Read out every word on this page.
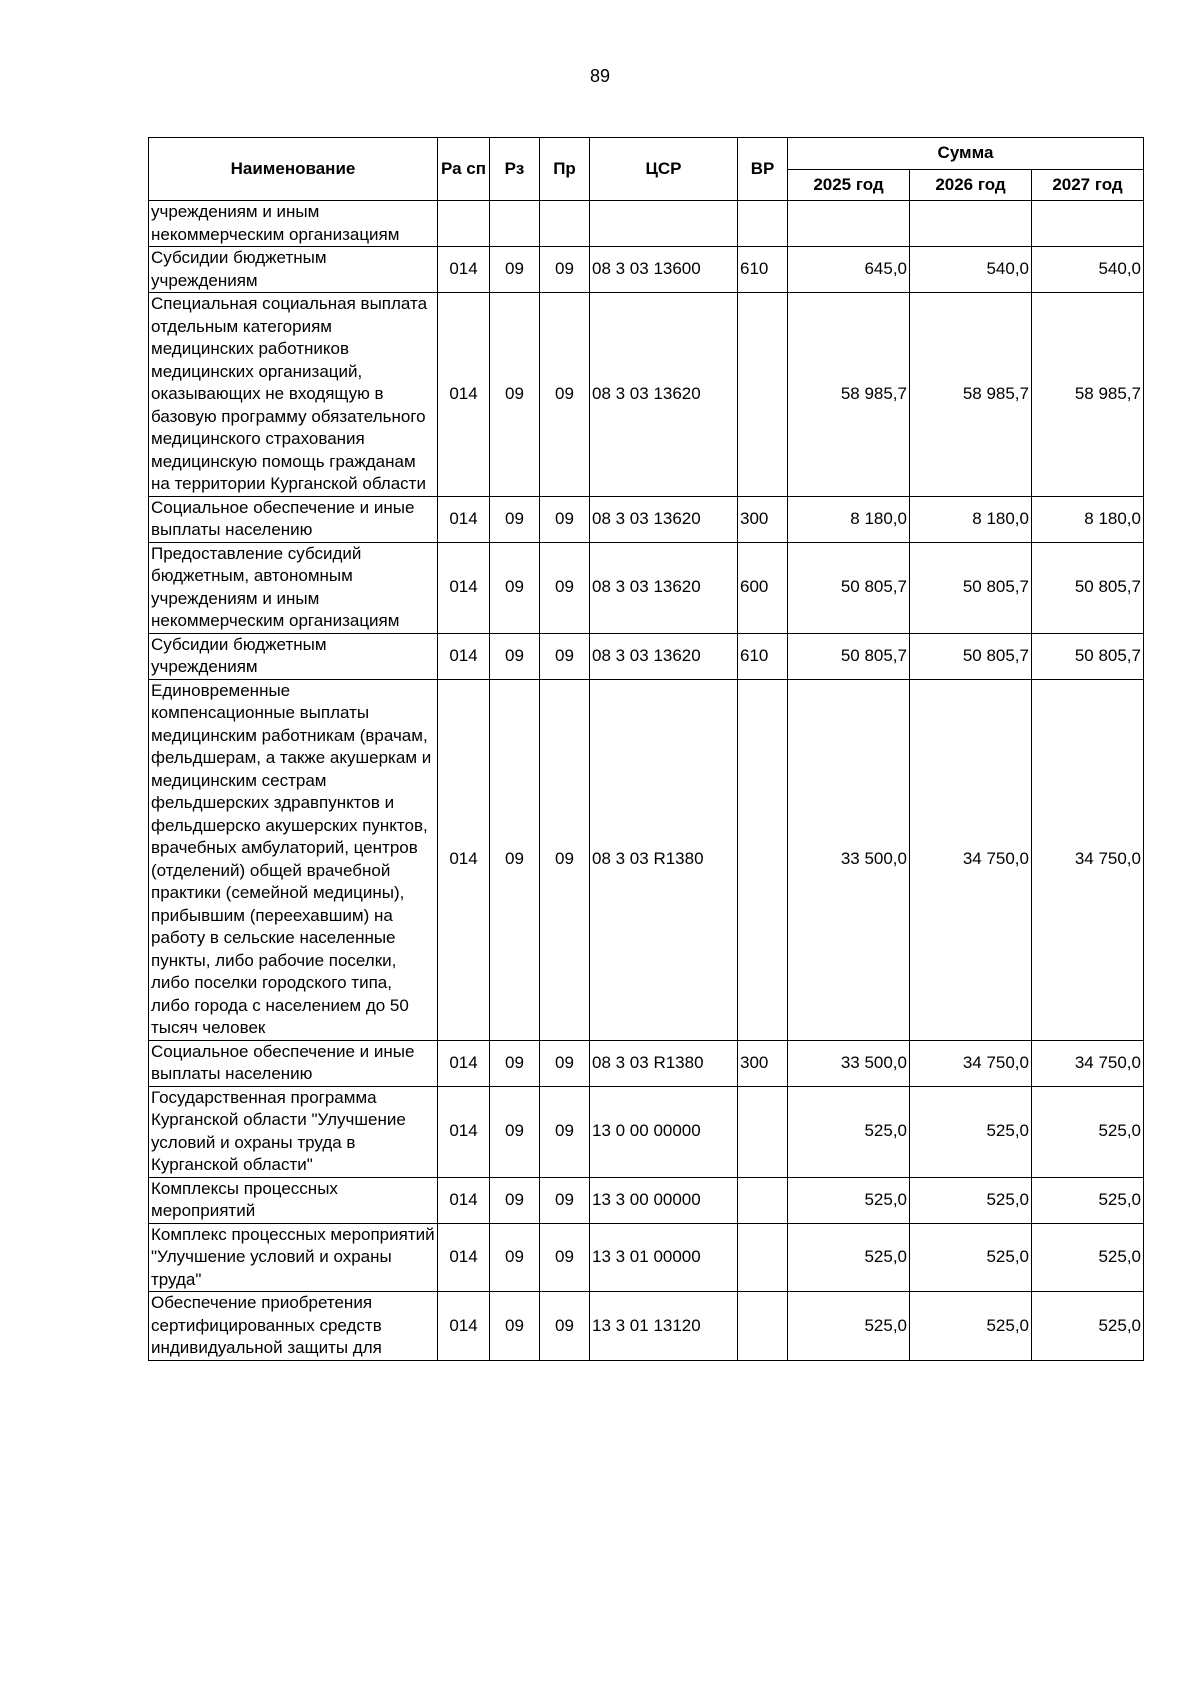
89
Наименование	Ра сп	Рз	Пр	ЦСР	ВР	Сумма		
						2025 год	2026 год	2027 год
учреждениям и иным некоммерческим организациям								
Субсидии бюджетным учреждениям	014	09	09	08 3 03 13600	610	645,0	540,0	540,0
Специальная социальная выплата отдельным категориям медицинских работников медицинских организаций, оказывающих не входящую в базовую программу обязательного медицинского страхования медицинскую помощь гражданам на территории Курганской области	014	09	09	08 3 03 13620		58 985,7	58 985,7	58 985,7
Социальное обеспечение и иные выплаты населению	014	09	09	08 3 03 13620	300	8 180,0	8 180,0	8 180,0
Предоставление субсидий бюджетным, автономным учреждениям и иным некоммерческим организациям	014	09	09	08 3 03 13620	600	50 805,7	50 805,7	50 805,7
Субсидии бюджетным учреждениям	014	09	09	08 3 03 13620	610	50 805,7	50 805,7	50 805,7
Единовременные компенсационные выплаты медицинским работникам (врачам, фельдшерам, а также акушеркам и медицинским сестрам фельдшерских здравпунктов и фельдшерско акушерских пунктов, врачебных амбулаторий, центров (отделений) общей врачебной практики (семейной медицины), прибывшим (переехавшим) на работу в сельские населенные пункты, либо рабочие поселки, либо поселки городского типа, либо города с населением до 50 тысяч человек	014	09	09	08 3 03 R1380		33 500,0	34 750,0	34 750,0
Социальное обеспечение и иные выплаты населению	014	09	09	08 3 03 R1380	300	33 500,0	34 750,0	34 750,0
Государственная программа Курганской области "Улучшение условий и охраны труда в Курганской области"	014	09	09	13 0 00 00000		525,0	525,0	525,0
Комплексы процессных мероприятий	014	09	09	13 3 00 00000		525,0	525,0	525,0
Комплекс процессных мероприятий "Улучшение условий и охраны труда"	014	09	09	13 3 01 00000		525,0	525,0	525,0
Обеспечение приобретения сертифицированных средств индивидуальной защиты для	014	09	09	13 3 01 13120		525,0	525,0	525,0
